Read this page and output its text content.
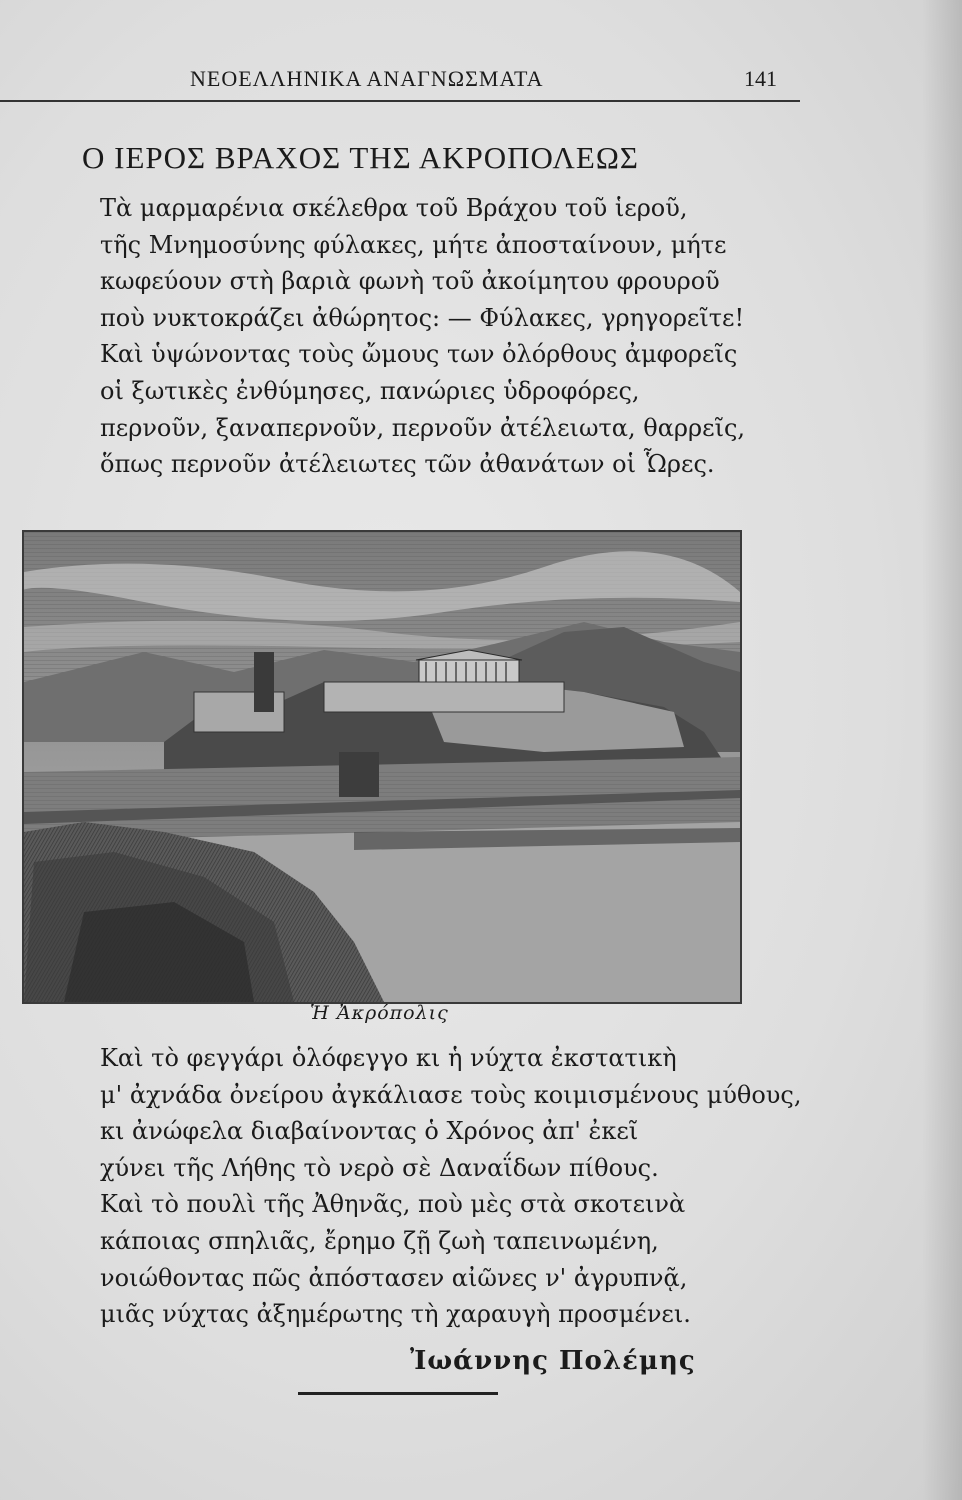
ΝΕΟΕΛΛΗΝΙΚΑ ΑΝΑΓΝΩΣΜΑΤΑ	141
Ο ΙΕΡΟΣ ΒΡΑΧΟΣ ΤΗΣ ΑΚΡΟΠΟΛΕΩΣ
Τὰ μαρμαρένια σκέλεθρα τοῦ Βράχου τοῦ ἱεροῦ,
τῆς Μνημοσύνης φύλακες, μήτε ἀποσταίνουν, μήτε
κωφεύουν στὴ βαριὰ φωνὴ τοῦ ἀκοίμητου φρουροῦ
ποὺ νυκτοκράζει ἀθώρητος: — Φύλακες, γρηγορεῖτε!
Καὶ ὑψώνοντας τοὺς ὤμους των ὀλόρθους ἀμφορεῖς
οἱ ξωτικὲς ἐνθύμησες, πανώριες ὑδροφόρες,
περνοῦν, ξαναπερνοῦν, περνοῦν ἀτέλειωτα, θαρρεῖς,
ὅπως περνοῦν ἀτέλειωτες τῶν ἀθανάτων οἱ Ὧρες.
Ἡ Ἀκρόπολις
Καὶ τὸ φεγγάρι ὁλόφεγγο κι ἡ νύχτα ἐκστατικὴ
μ' ἀχνάδα ὀνείρου ἀγκάλιασε τοὺς κοιμισμένους μύθους,
κι ἀνώφελα διαβαίνοντας ὁ Χρόνος ἀπ' ἐκεῖ
χύνει τῆς Λήθης τὸ νερὸ σὲ Δαναΐδων πίθους.
Καὶ τὸ πουλὶ τῆς Ἀθηνᾶς, ποὺ μὲς στὰ σκοτεινὰ
κάποιας σπηλιᾶς, ἔρημο ζῇ ζωὴ ταπεινωμένη,
νοιώθοντας πῶς ἀπόστασεν αἰῶνες ν' ἀγρυπνᾷ,
μιᾶς νύχτας ἀξημέρωτης τὴ χαραυγὴ προσμένει.
Ἰωάννης Πολέμης
